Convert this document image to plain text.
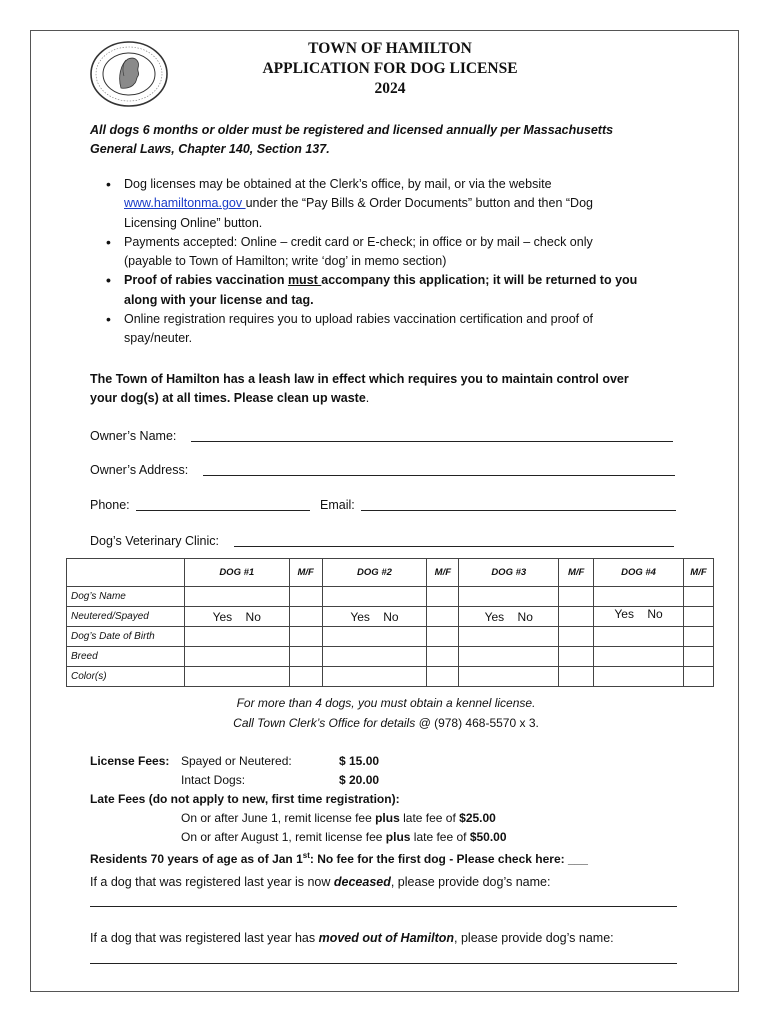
TOWN OF HAMILTON
APPLICATION FOR DOG LICENSE
2024
All dogs 6 months or older must be registered and licensed annually per Massachusetts
General Laws, Chapter 140, Section 137.
• Dog licenses may be obtained at the Clerk’s office, by mail, or via the website
www.hamiltonma.gov under the “Pay Bills & Order Documents” button and then “Dog
Licensing Online” button.
• Payments accepted: Online – credit card or E-check; in office or by mail – check only
(payable to Town of Hamilton; write ‘dog’ in memo section)
• Proof of rabies vaccination must accompany this application; it will be returned to you
along with your license and tag.
• Online registration requires you to upload rabies vaccination certification and proof of
spay/neuter.
The Town of Hamilton has a leash law in effect which requires you to maintain control over
your dog(s) at all times. Please clean up waste.
Owner’s Name:
Owner’s Address:
Phone:	Email:
Dog’s Veterinary Clinic:
	DOG #1	M/F	DOG #2	M/F	DOG #3	M/F	DOG #4	M/F
Dog’s Name								
Neutered/Spayed	Yes No		Yes No		Yes No		Yes No	
Dog’s Date of Birth								
Breed								
Color(s)								
For more than 4 dogs, you must obtain a kennel license.
Call Town Clerk’s Office for details @ (978) 468-5570 x 3.
License Fees: Spayed or Neutered:	$ 15.00
Intact Dogs:	$ 20.00
Late Fees (do not apply to new, first time registration):
On or after June 1, remit license fee plus late fee of $25.00
On or after August 1, remit license fee plus late fee of $50.00
Residents 70 years of age as of Jan 1st: No fee for the first dog - Please check here: ___
If a dog that was registered last year is now deceased, please provide dog’s name:
If a dog that was registered last year has moved out of Hamilton, please provide dog’s name:
